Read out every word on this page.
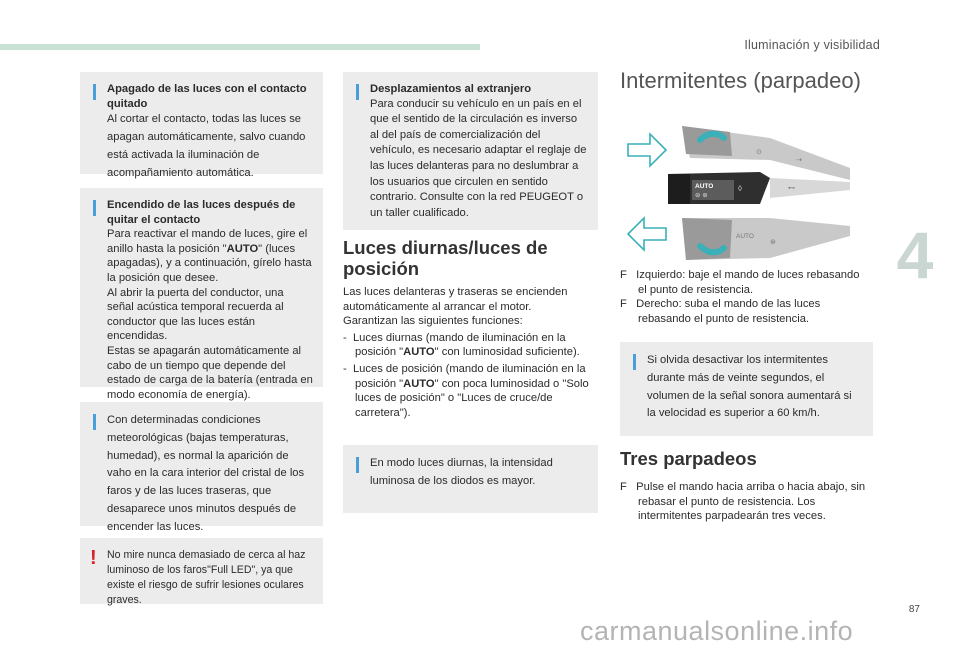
Iluminación y visibilidad
4

Apagado de las luces con el contacto quitado

Al cortar el contacto, todas las luces se apagan automáticamente, salvo cuando está activada la iluminación de acompañamiento automática.

Encendido de las luces después de quitar el contacto

Para reactivar el mando de luces, gire el anillo hasta la posición "AUTO" (luces apagadas), y a continuación, gírelo hasta la posición que desee.

Al abrir la puerta del conductor, una señal acústica temporal recuerda al conductor que las luces están encendidas.

Estas se apagarán automáticamente al cabo de un tiempo que depende del estado de carga de la batería (entrada en modo economía de energía).

Con determinadas condiciones meteorológicas (bajas temperaturas, humedad), es normal la aparición de vaho en la cara interior del cristal de los faros y de las luces traseras, que desaparece unos minutos después de encender las luces.

! No mire nunca demasiado de cerca al haz luminoso de los faros"Full LED", ya que existe el riesgo de sufrir lesiones oculares graves.

Desplazamientos al extranjero

Para conducir su vehículo en un país en el que el sentido de la circulación es inverso al del país de comercialización del vehículo, es necesario adaptar el reglaje de las luces delanteras para no deslumbrar a los usuarios que circulen en sentido contrario. Consulte con la red PEUGEOT o un taller cualificado.

Luces diurnas/luces de posición
Las luces delanteras y traseras se encienden automáticamente al arrancar el motor.
Garantizan las siguientes funciones:
- Luces diurnas (mando de iluminación en la posición "AUTO" con luminosidad suficiente).
- Luces de posición (mando de iluminación en la posición "AUTO" con poca luminosidad o "Solo luces de posición" o "Luces de cruce/de carretera").

En modo luces diurnas, la intensidad luminosa de los diodos es mayor.

Intermitentes (parpadeo)
⊙
⇢
AUTO
⊜ ⊛
◊	⊷
AUTO
⊛
F Izquierdo: baje el mando de luces rebasando el punto de resistencia.
F Derecho: suba el mando de las luces rebasando el punto de resistencia.

Si olvida desactivar los intermitentes durante más de veinte segundos, el volumen de la señal sonora aumentará si la velocidad es superior a 60 km/h.

Tres parpadeos
F Pulse el mando hacia arriba o hacia abajo, sin rebasar el punto de resistencia. Los intermitentes parpadearán tres veces.
87
carmanualsonline.info
